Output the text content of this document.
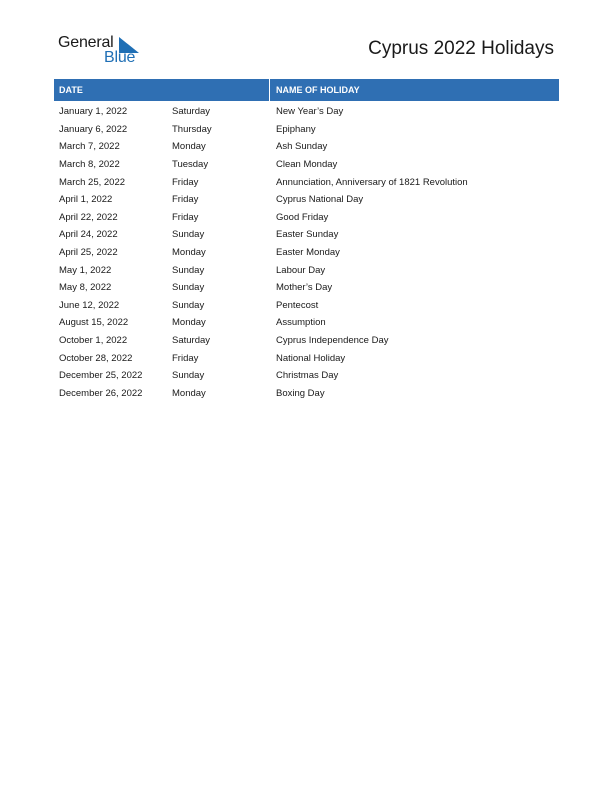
General
Blue	Cyprus 2022 Holidays
DATE	NAME OF HOLIDAY
January 1, 2022	Saturday	New Year’s Day
January 6, 2022	Thursday	Epiphany
March 7, 2022	Monday	Ash Sunday
March 8, 2022	Tuesday	Clean Monday
March 25, 2022	Friday	Annunciation, Anniversary of 1821 Revolution
April 1, 2022	Friday	Cyprus National Day
April 22, 2022	Friday	Good Friday
April 24, 2022	Sunday	Easter Sunday
April 25, 2022	Monday	Easter Monday
May 1, 2022	Sunday	Labour Day
May 8, 2022	Sunday	Mother’s Day
June 12, 2022	Sunday	Pentecost
August 15, 2022	Monday	Assumption
October 1, 2022	Saturday	Cyprus Independence Day
October 28, 2022	Friday	National Holiday
December 25, 2022	Sunday	Christmas Day
December 26, 2022	Monday	Boxing Day
